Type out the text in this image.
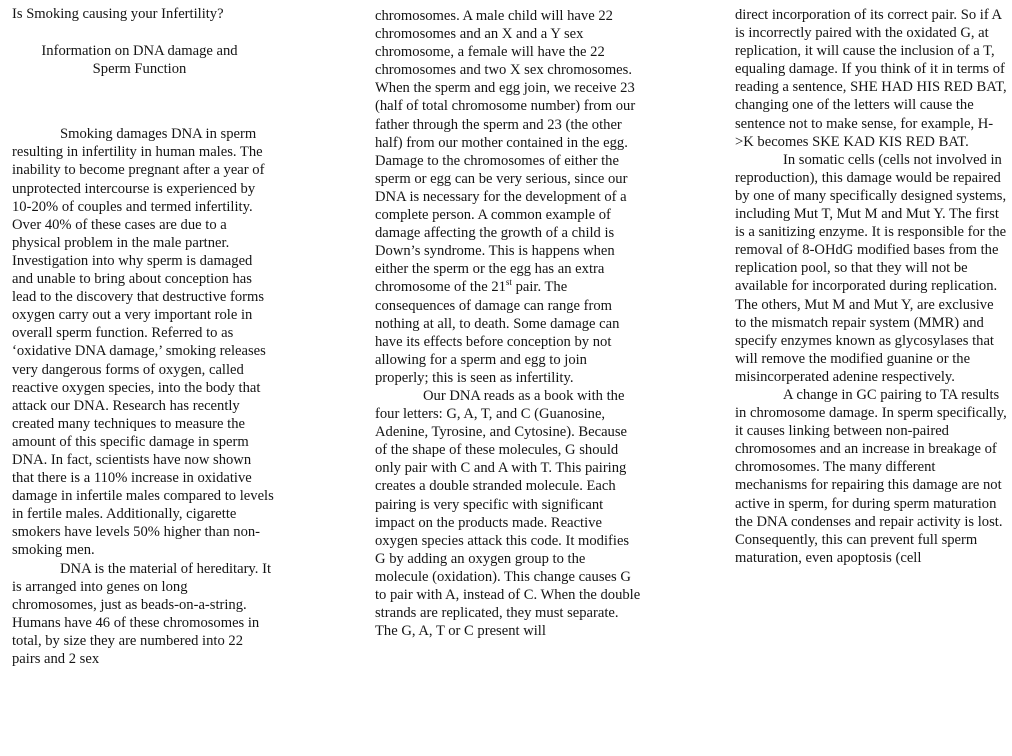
Is Smoking causing your Infertility?

Information on DNA damage and
Sperm Function

Smoking damages DNA in sperm resulting in infertility in human males. The inability to become pregnant after a year of unprotected intercourse is experienced by 10-20% of couples and termed infertility. Over 40% of these cases are due to a physical problem in the male partner. Investigation into why sperm is damaged and unable to bring about conception has lead to the discovery that destructive forms oxygen carry out a very important role in overall sperm function. Referred to as ‘oxidative DNA damage,’ smoking releases very dangerous forms of oxygen, called reactive oxygen species, into the body that attack our DNA. Research has recently created many techniques to measure the amount of this specific damage in sperm DNA. In fact, scientists have now shown that there is a 110% increase in oxidative damage in infertile males compared to levels in fertile males. Additionally, cigarette smokers have levels 50% higher than non-smoking men.

DNA is the material of hereditary. It is arranged into genes on long chromosomes, just as beads-on-a-string. Humans have 46 of these chromosomes in total, by size they are numbered into 22 pairs and 2 sex

chromosomes. A male child will have 22 chromosomes and an X and a Y sex chromosome, a female will have the 22 chromosomes and two X sex chromosomes. When the sperm and egg join, we receive 23 (half of total chromosome number) from our father through the sperm and 23 (the other half) from our mother contained in the egg. Damage to the chromosomes of either the sperm or egg can be very serious, since our DNA is necessary for the development of a complete person. A common example of damage affecting the growth of a child is Down’s syndrome. This is happens when either the sperm or the egg has an extra chromosome of the 21st pair. The consequences of damage can range from nothing at all, to death. Some damage can have its effects before conception by not allowing for a sperm and egg to join properly; this is seen as infertility.

Our DNA reads as a book with the four letters: G, A, T, and C (Guanosine, Adenine, Tyrosine, and Cytosine). Because of the shape of these molecules, G should only pair with C and A with T. This pairing creates a double stranded molecule. Each pairing is very specific with significant impact on the products made. Reactive oxygen species attack this code. It modifies G by adding an oxygen group to the molecule (oxidation). This change causes G to pair with A, instead of C. When the double strands are replicated, they must separate. The G, A, T or C present will

direct incorporation of its correct pair. So if A is incorrectly paired with the oxidated G, at replication, it will cause the inclusion of a T, equaling damage. If you think of it in terms of reading a sentence, SHE HAD HIS RED BAT, changing one of the letters will cause the sentence not to make sense, for example, H- >K becomes SKE KAD KIS RED BAT.

In somatic cells (cells not involved in reproduction), this damage would be repaired by one of many specifically designed systems, including Mut T, Mut M and Mut Y. The first is a sanitizing enzyme. It is responsible for the removal of 8-OHdG modified bases from the replication pool, so that they will not be available for incorporated during replication. The others, Mut M and Mut Y, are exclusive to the mismatch repair system (MMR) and specify enzymes known as glycosylases that will remove the modified guanine or the misincorperated adenine respectively.

A change in GC pairing to TA results in chromosome damage. In sperm specifically, it causes linking between non-paired chromosomes and an increase in breakage of chromosomes. The many different mechanisms for repairing this damage are not active in sperm, for during sperm maturation the DNA condenses and repair activity is lost. Consequently, this can prevent full sperm maturation, even apoptosis (cell
